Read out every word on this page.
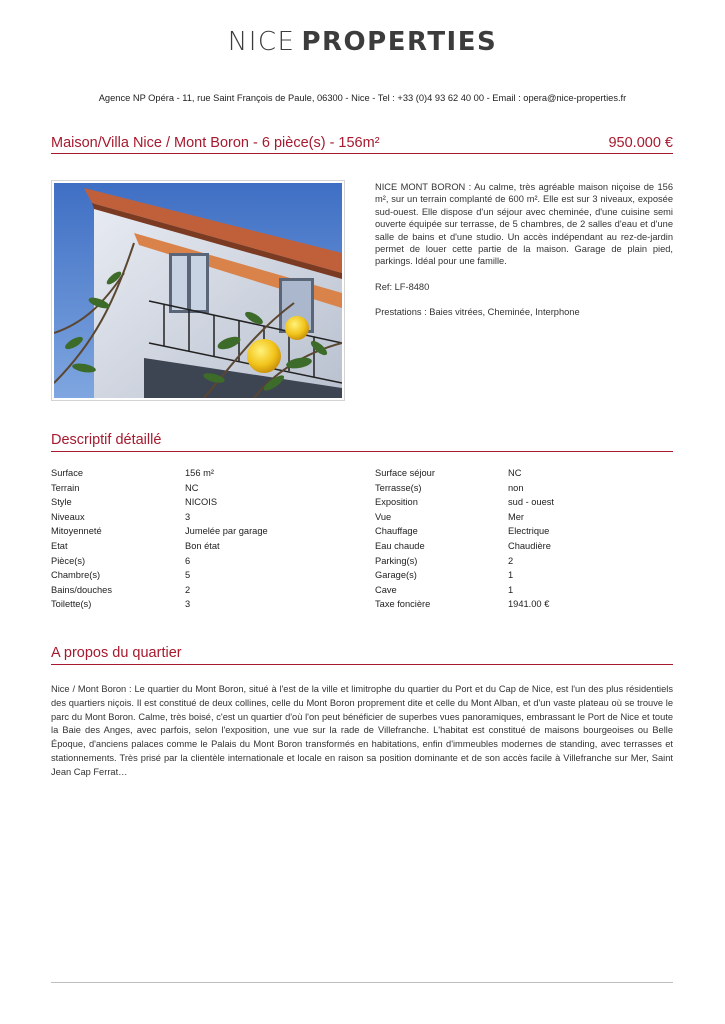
NICE PROPERTIES
Agence NP Opéra - 11, rue Saint François de Paule, 06300 - Nice - Tel : +33 (0)4 93 62 40 00 - Email : opera@nice-properties.fr
Maison/Villa Nice / Mont Boron - 6 pièce(s) - 156m²	950.000 €

NICE MONT BORON : Au calme, très agréable maison niçoise de 156 m², sur un terrain complanté de 600 m². Elle est sur 3 niveaux, exposée sud-ouest. Elle dispose d'un séjour avec cheminée, d'une cuisine semi ouverte équipée sur terrasse, de 5 chambres, de 2 salles d'eau et d'une salle de bains et d'une studio. Un accès indépendant au rez-de-jardin permet de louer cette partie de la maison. Garage de plain pied, parkings. Idéal pour une famille.

Ref: LF-8480

Prestations : Baies vitrées, Cheminée, Interphone

Descriptif détaillé
Surface	156 m²	Surface séjour	NC
Terrain	NC	Terrasse(s)	non
Style	NICOIS	Exposition	sud - ouest
Niveaux	3	Vue	Mer
Mitoyenneté	Jumelée par garage	Chauffage	Electrique
Etat	Bon état	Eau chaude	Chaudière
Pièce(s)	6	Parking(s)	2
Chambre(s)	5	Garage(s)	1
Bains/douches	2	Cave	1
Toilette(s)	3	Taxe foncière	1941.00 €
A propos du quartier
Nice / Mont Boron : Le quartier du Mont Boron, situé à l'est de la ville et limitrophe du quartier du Port et du Cap de Nice, est l'un des plus résidentiels des quartiers niçois. Il est constitué de deux collines, celle du Mont Boron proprement dite et celle du Mont Alban, et d'un vaste plateau où se trouve le parc du Mont Boron. Calme, très boisé, c'est un quartier d'où l'on peut bénéficier de superbes vues panoramiques, embrassant le Port de Nice et toute la Baie des Anges, avec parfois, selon l'exposition, une vue sur la rade de Villefranche. L'habitat est constitué de maisons bourgeoises ou Belle Époque, d'anciens palaces comme le Palais du Mont Boron transformés en habitations, enfin d'immeubles modernes de standing, avec terrasses et stationnements. Très prisé par la clientèle internationale et locale en raison sa position dominante et de son accès facile à Villefranche sur Mer, Saint Jean Cap Ferrat…
